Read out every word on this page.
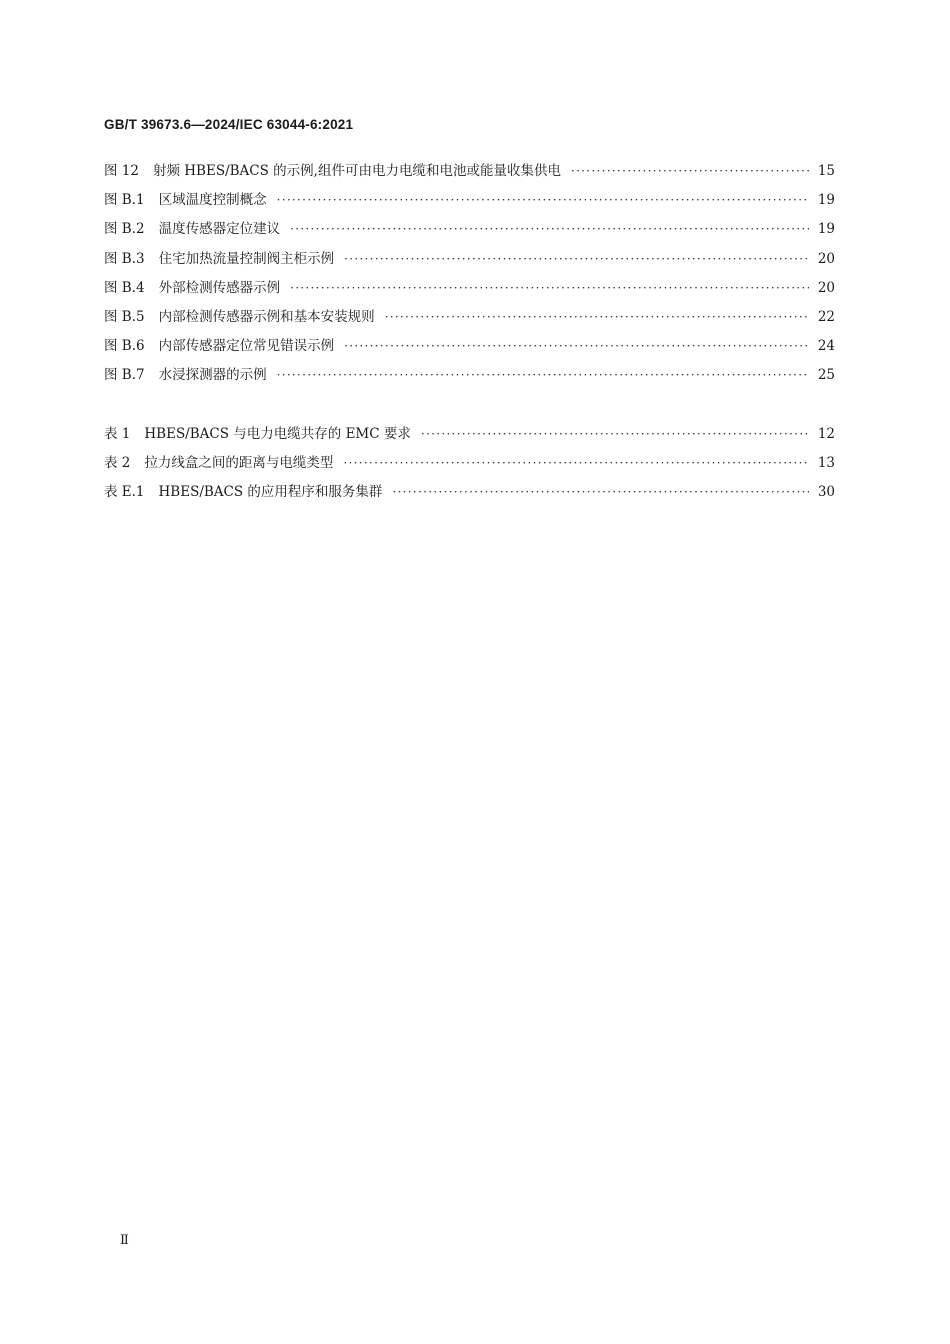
GB/T 39673.6—2024/IEC 63044-6:2021
图 12 射频 HBES/BACS 的示例,组件可由电力电缆和电池或能量收集供电 ·····	15
图 B.1 区域温度控制概念 ·····	19
图 B.2 温度传感器定位建议 ·····	19
图 B.3 住宅加热流量控制阀主柜示例 ·····	20
图 B.4 外部检测传感器示例 ·····	20
图 B.5 内部检测传感器示例和基本安装规则 ·····	22
图 B.6 内部传感器定位常见错误示例 ·····	24
图 B.7 水浸探测器的示例 ·····	25
表 1 HBES/BACS 与电力电缆共存的 EMC 要求 ·····	12
表 2 拉力线盒之间的距离与电缆类型 ·····	13
表 E.1 HBES/BACS 的应用程序和服务集群 ·····	30
Ⅱ
